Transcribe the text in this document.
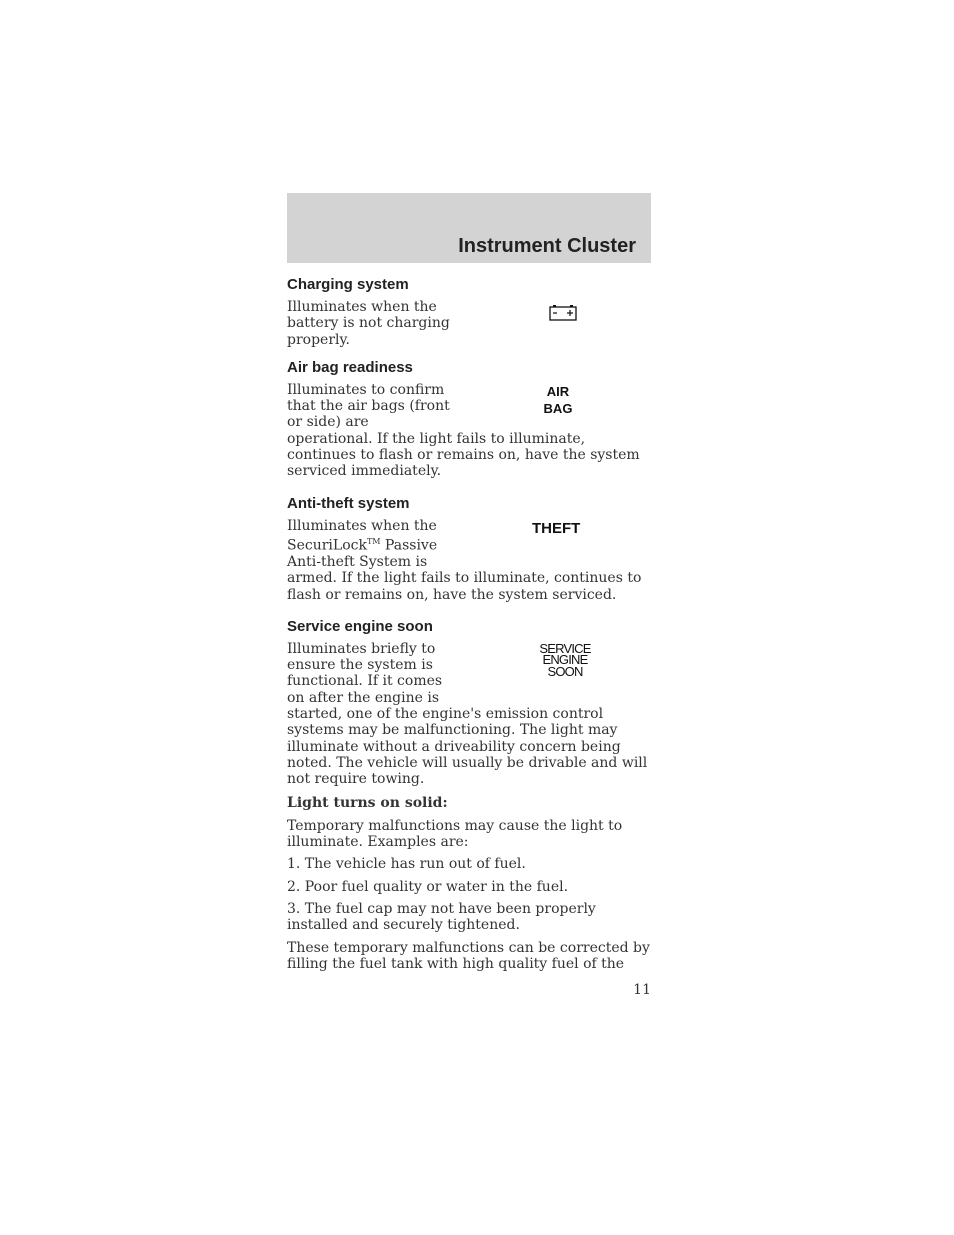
Instrument Cluster
Charging system

Illuminates when the battery is not charging properly.

Air bag readiness

Illuminates to confirm that the air bags (front or side) are

AIR
BAG

operational. If the light fails to illuminate, continues to flash or remains on, have the system serviced immediately.

Anti-theft system

Illuminates when the SecuriLock™ Passive Anti-theft System is

THEFT

armed. If the light fails to illuminate, continues to flash or remains on, have the system serviced.

Service engine soon

Illuminates briefly to ensure the system is functional. If it comes on after the engine is

SERVICE
ENGINE
SOON

started, one of the engine's emission control systems may be malfunctioning. The light may illuminate without a driveability concern being noted. The vehicle will usually be drivable and will not require towing.

Light turns on solid:

Temporary malfunctions may cause the light to illuminate. Examples are:

1. The vehicle has run out of fuel.

2. Poor fuel quality or water in the fuel.

3. The fuel cap may not have been properly installed and securely tightened.

These temporary malfunctions can be corrected by filling the fuel tank with high quality fuel of the

11
